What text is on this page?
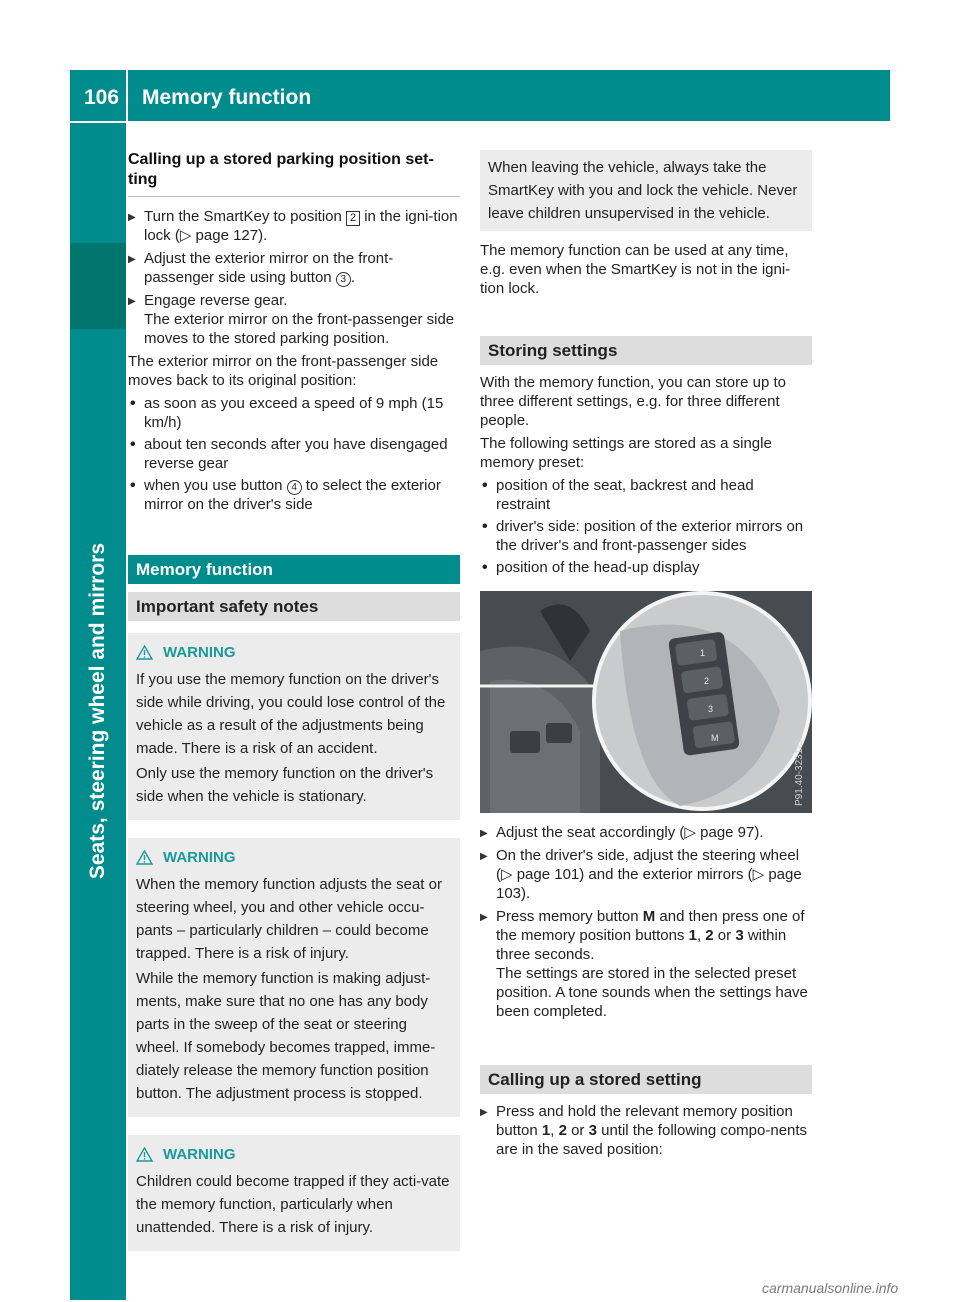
106 Memory function
Seats, steering wheel and mirrors
Calling up a stored parking position set-ting
▶ Turn the SmartKey to position 2 in the igni-tion lock (▷ page 127).
▶ Adjust the exterior mirror on the front-passenger side using button 3 .
▶ Engage reverse gear.
The exterior mirror on the front-passenger side moves to the stored parking position.

The exterior mirror on the front-passenger side moves back to its original position:

• as soon as you exceed a speed of 9 mph (15 km/h)
• about ten seconds after you have disengaged reverse gear
• when you use button 4 to select the exterior mirror on the driver's side
Memory function
Important safety notes
WARNING

If you use the memory function on the driver's side while driving, you could lose control of the vehicle as a result of the adjustments being made. There is a risk of an accident.

Only use the memory function on the driver's side when the vehicle is stationary.

WARNING

When the memory function adjusts the seat or steering wheel, you and other vehicle occu-pants – particularly children – could become trapped. There is a risk of injury.

While the memory function is making adjust-ments, make sure that no one has any body parts in the sweep of the seat or steering wheel. If somebody becomes trapped, imme-diately release the memory function position button. The adjustment process is stopped.

WARNING

Children could become trapped if they acti-vate the memory function, particularly when unattended. There is a risk of injury.

When leaving the vehicle, always take the SmartKey with you and lock the vehicle. Never leave children unsupervised in the vehicle.

The memory function can be used at any time, e.g. even when the SmartKey is not in the igni-tion lock.

Storing settings

With the memory function, you can store up to three different settings, e.g. for three different people.

The following settings are stored as a single memory preset:

• position of the seat, backrest and head restraint
• driver's side: position of the exterior mirrors on the driver's and front-passenger sides
• position of the head-up display
1
2
3
M	P91.40-3231-31
▶ Adjust the seat accordingly (▷ page 97).
▶ On the driver's side, adjust the steering wheel (▷ page 101) and the exterior mirrors (▷ page 103).
▶ Press memory button M and then press one of the memory position buttons 1, 2 or 3 within three seconds.
The settings are stored in the selected preset position. A tone sounds when the settings have been completed.
Calling up a stored setting
▶ Press and hold the relevant memory position button 1, 2 or 3 until the following compo-nents are in the saved position:
carmanualsonline.info
